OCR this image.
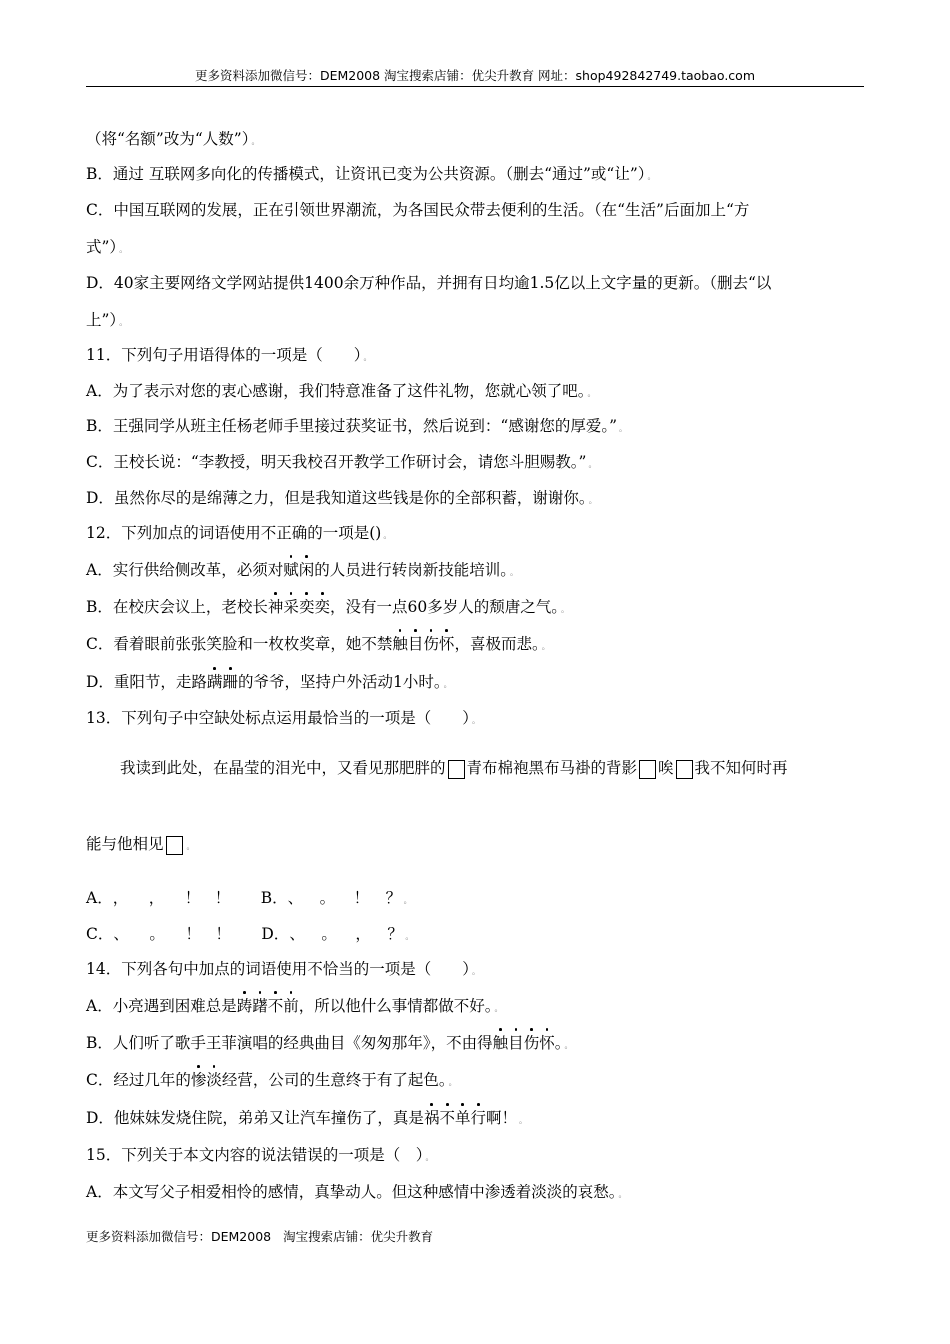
更多资料添加微信号：DEM2008 淘宝搜索店铺：优尖升教育 网址：shop492842749.taobao.com
（将“名额”改为“人数”） 。
B．通过 互联网多向化的传播模式，让资讯已变为公共资源。（删去“通过”或“让”） 。
C．中国互联网的发展，正在引领世界潮流，为各国民众带去便利的生活。（在“生活”后面加上“方
式”） 。
D．40家主要网络文学网站提供1400余万种作品，并拥有日均逾1.5亿以上文字量的更新。（删去“以
上”） 。
11．下列句子用语得体的一项是（　　） 。
A．为了表示对您的衷心感谢，我们特意准备了这件礼物，您就心领了吧。 。
B．王强同学从班主任杨老师手里接过获奖证书，然后说到：“感谢您的厚爱。” 。
C．王校长说：“李教授，明天我校召开教学工作研讨会，请您斗胆赐教。” 。
D．虽然你尽的是绵薄之力，但是我知道这些钱是你的全部积蓄，谢谢你。 。
12．下列加点的词语使用不正确的一项是() 。
A．实行供给侧改革，必须对赋闲的人员进行转岗新技能培训。 。
B．在校庆会议上，老校长神采奕奕，没有一点60多岁人的颓唐之气。 。
C．看着眼前张张笑脸和一枚枚奖章，她不禁触目伤怀，喜极而悲。 。
D．重阳节，走路蹒跚的爷爷，坚持户外活动1小时。 。
13．下列句子中空缺处标点运用最恰当的一项是（　　） 。
我读到此处，在晶莹的泪光中，又看见那肥胖的 青布棉袍黑布马褂的背影 唉 我不知何时再
能与他相见	。
A．， ， ！ ！ B．、 。 ！ ？ 。
C．、 。 ！ ！ D．、 。 ， ？ 。
14．下列各句中加点的词语使用不恰当的一项是（　　） 。
A．小亮遇到困难总是踌躇不前，所以他什么事情都做不好。 。
B．人们听了歌手王菲演唱的经典曲目《匆匆那年》，不由得触目伤怀。 。
C．经过几年的惨淡经营，公司的生意终于有了起色。 。
D．他妹妹发烧住院，弟弟又让汽车撞伤了，真是祸不单行啊！ 。
15．下列关于本文内容的说法错误的一项是（　） 。
A．本文写父子相爱相怜的感情，真挚动人。但这种感情中渗透着淡淡的哀愁。 。
更多资料添加微信号：DEM2008 淘宝搜索店铺：优尖升教育
